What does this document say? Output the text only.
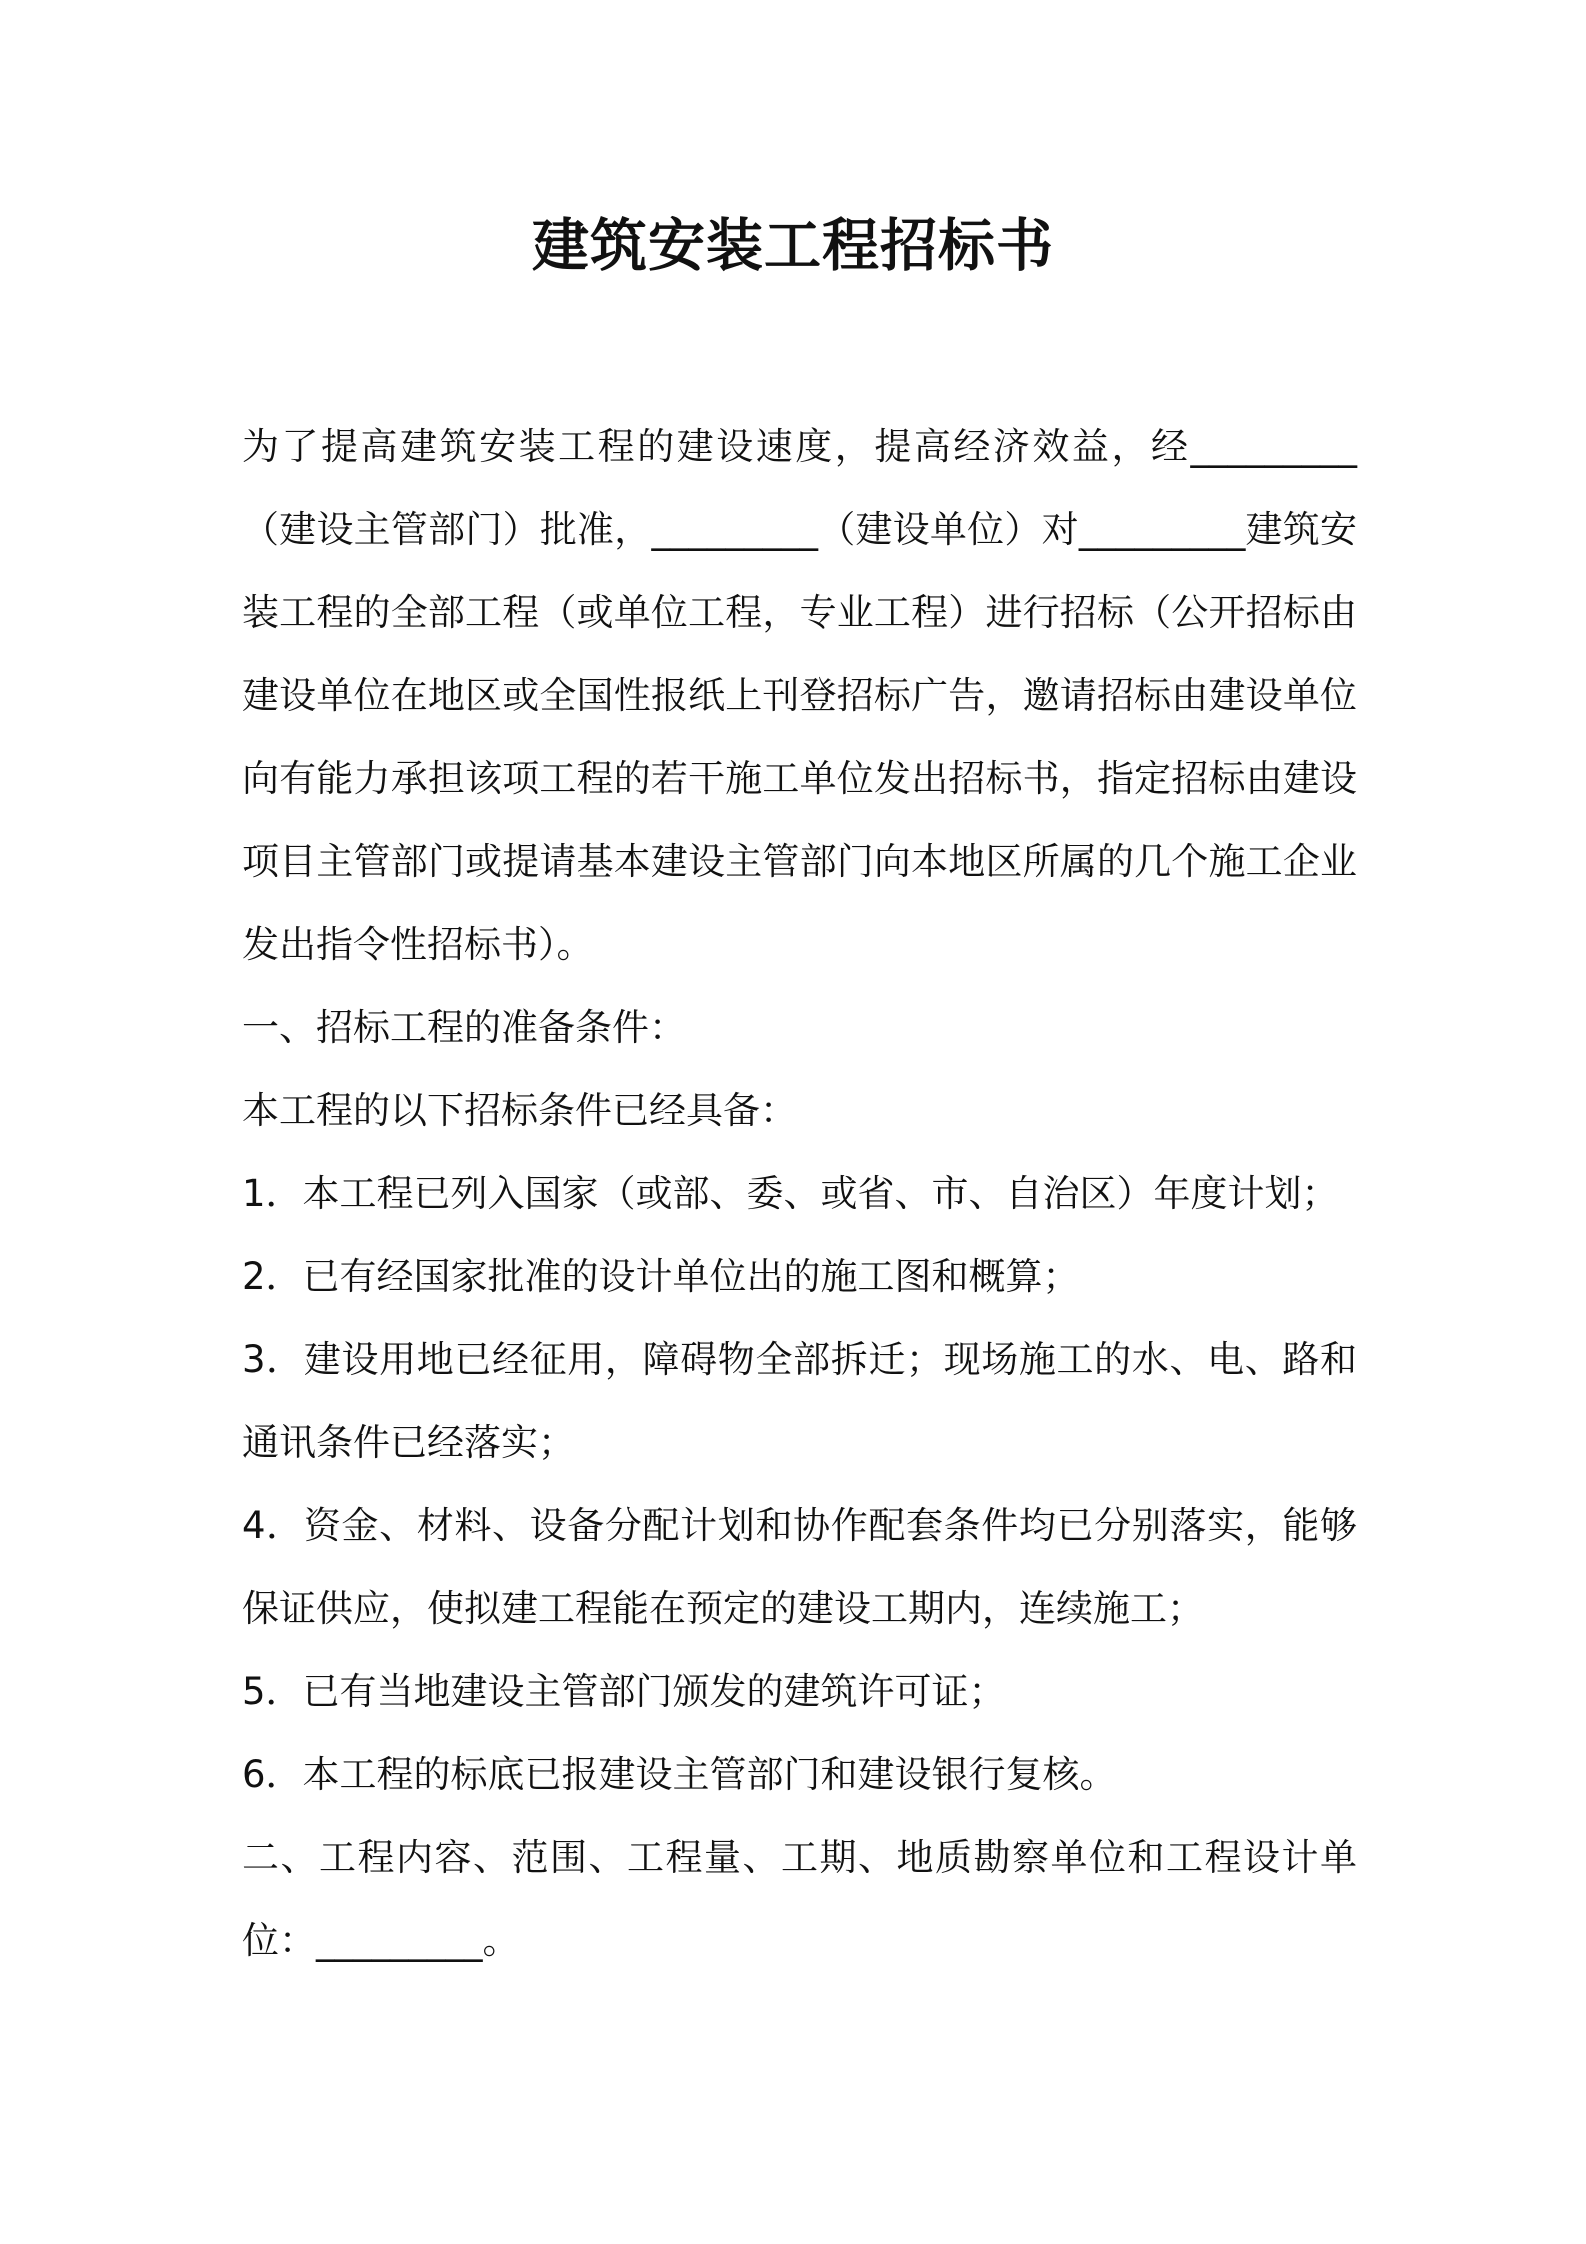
建筑安装工程招标书

为了提高建筑安装工程的建设速度，提高经济效益，经_________（建设主管部门）批准，_________（建设单位）对_________建筑安装工程的全部工程（或单位工程，专业工程）进行招标（公开招标由建设单位在地区或全国性报纸上刊登招标广告，邀请招标由建设单位向有能力承担该项工程的若干施工单位发出招标书，指定招标由建设项目主管部门或提请基本建设主管部门向本地区所属的几个施工企业发出指令性招标书）。

一、招标工程的准备条件：

本工程的以下招标条件已经具备：

1．本工程已列入国家（或部、委、或省、市、自治区）年度计划；

2．已有经国家批准的设计单位出的施工图和概算；

3．建设用地已经征用，障碍物全部拆迁；现场施工的水、电、路和通讯条件已经落实；

4．资金、材料、设备分配计划和协作配套条件均已分别落实，能够保证供应，使拟建工程能在预定的建设工期内，连续施工；

5．已有当地建设主管部门颁发的建筑许可证；

6．本工程的标底已报建设主管部门和建设银行复核。

二、工程内容、范围、工程量、工期、地质勘察单位和工程设计单位：_________。
